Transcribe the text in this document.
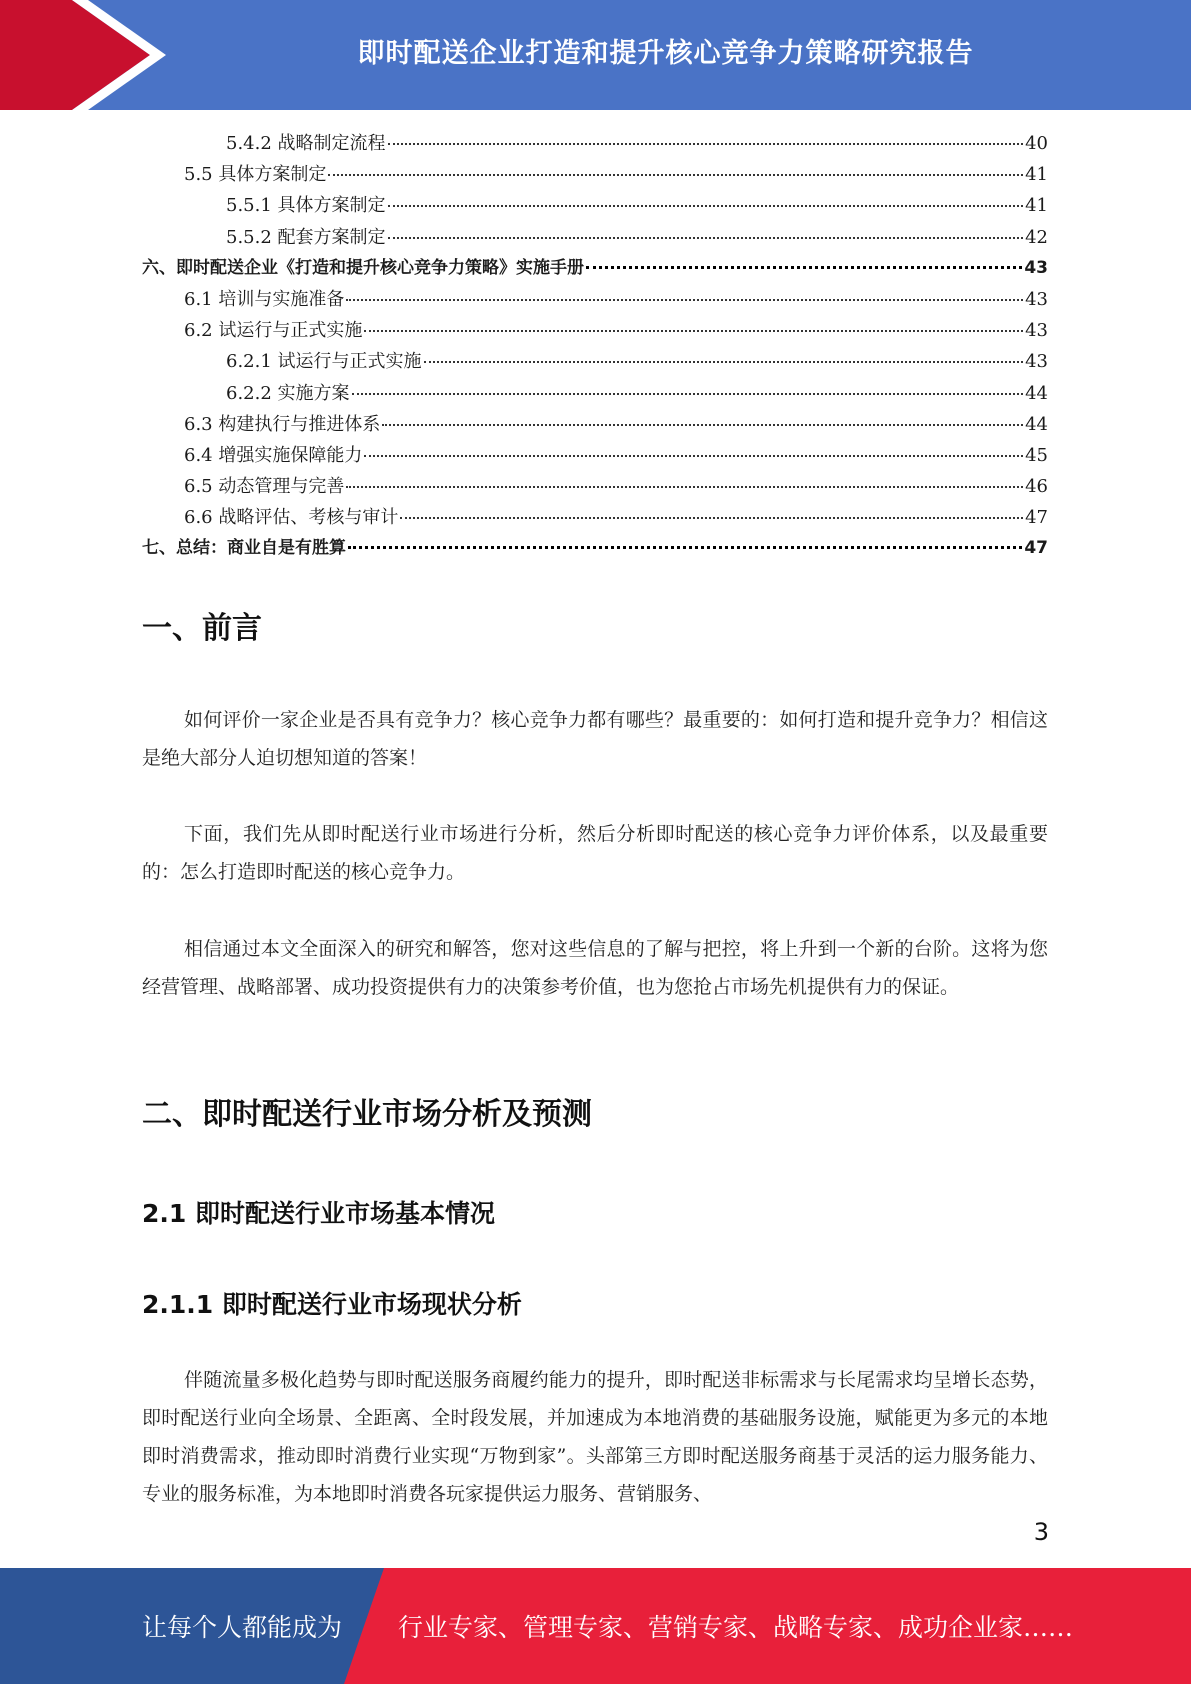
即时配送企业打造和提升核心竞争力策略研究报告
5.4.2 战略制定流程	40
5.5 具体方案制定	41
5.5.1 具体方案制定	41
5.5.2 配套方案制定	42
六、即时配送企业《打造和提升核心竞争力策略》实施手册	43
6.1 培训与实施准备	43
6.2 试运行与正式实施	43
6.2.1 试运行与正式实施	43
6.2.2 实施方案	44
6.3 构建执行与推进体系	44
6.4 增强实施保障能力	45
6.5 动态管理与完善	46
6.6 战略评估、考核与审计	47
七、总结：商业自是有胜算	47
一、前言
如何评价一家企业是否具有竞争力？核心竞争力都有哪些？最重要的：如何打造和提升竞争力？相信这是绝大部分人迫切想知道的答案！
下面，我们先从即时配送行业市场进行分析，然后分析即时配送的核心竞争力评价体系，以及最重要的：怎么打造即时配送的核心竞争力。
相信通过本文全面深入的研究和解答，您对这些信息的了解与把控，将上升到一个新的台阶。这将为您经营管理、战略部署、成功投资提供有力的决策参考价值，也为您抢占市场先机提供有力的保证。
二、即时配送行业市场分析及预测
2.1 即时配送行业市场基本情况
2.1.1 即时配送行业市场现状分析
伴随流量多极化趋势与即时配送服务商履约能力的提升，即时配送非标需求与长尾需求均呈增长态势，即时配送行业向全场景、全距离、全时段发展，并加速成为本地消费的基础服务设施，赋能更为多元的本地即时消费需求，推动即时消费行业实现“万物到家”。头部第三方即时配送服务商基于灵活的运力服务能力、专业的服务标准，为本地即时消费各玩家提供运力服务、营销服务、
3
让每个人都能成为 行业专家、管理专家、营销专家、战略专家、成功企业家……
